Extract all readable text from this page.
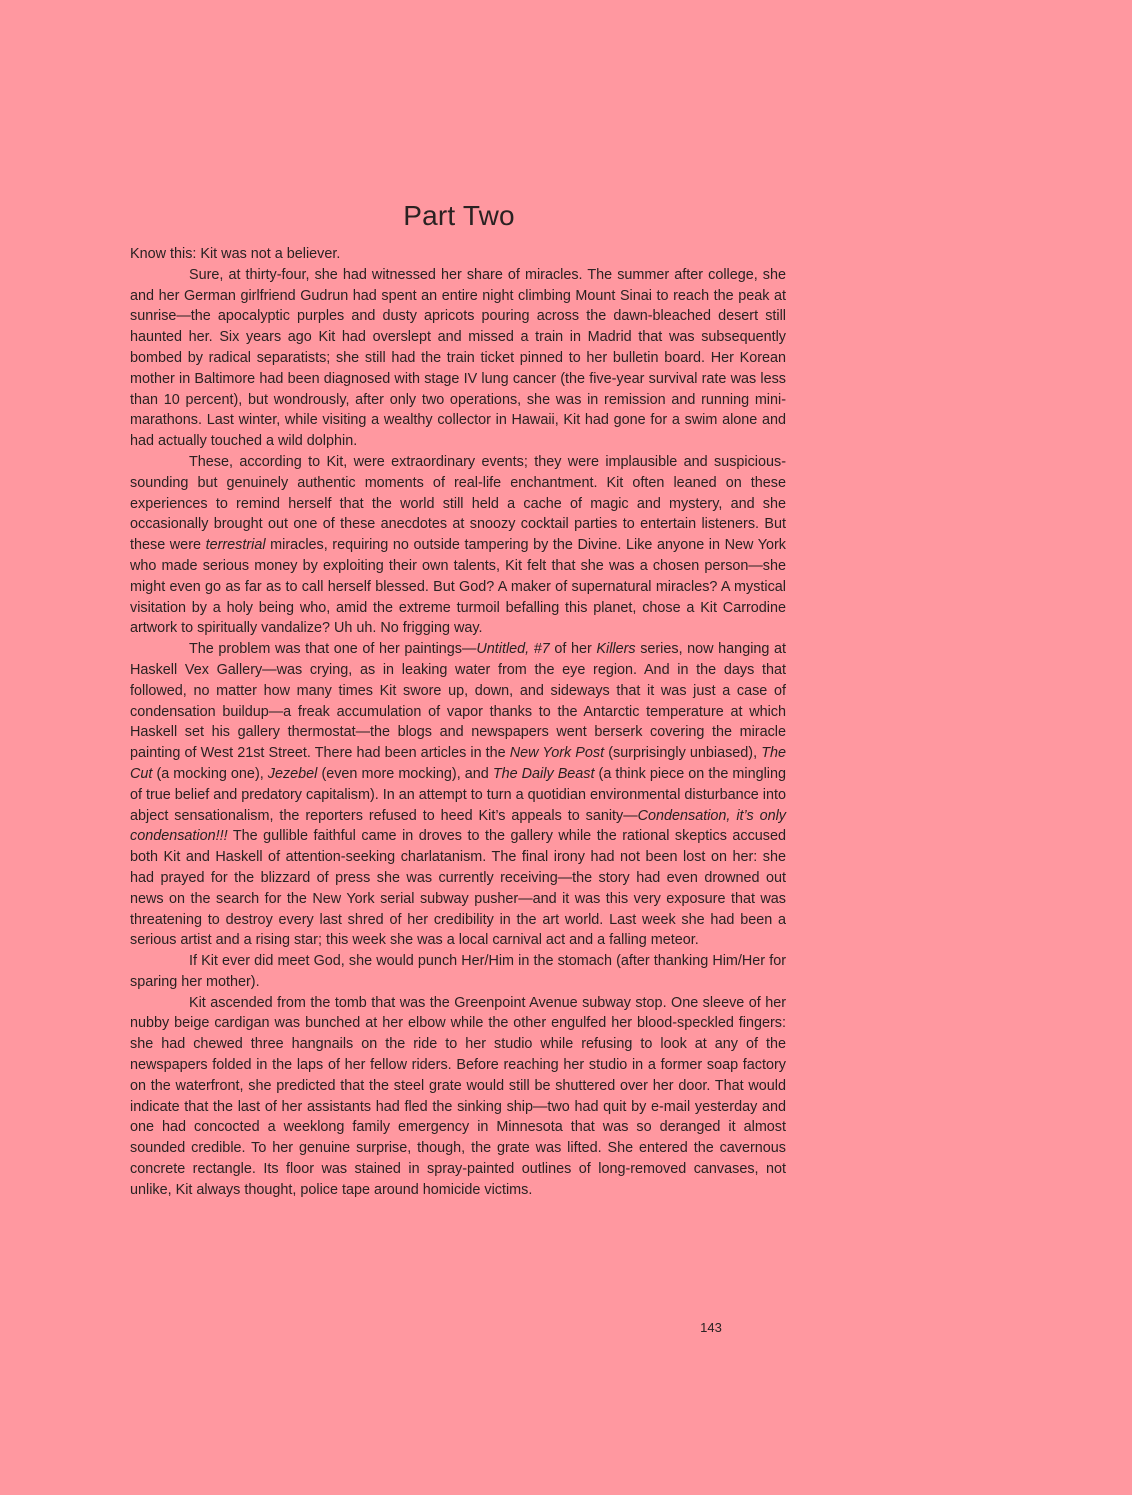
Part Two

Know this: Kit was not a believer.

Sure, at thirty-four, she had witnessed her share of miracles. The summer after college, she and her German girlfriend Gudrun had spent an entire night climbing Mount Sinai to reach the peak at sunrise—the apocalyptic purples and dusty apricots pouring across the dawn-bleached desert still haunted her. Six years ago Kit had overslept and missed a train in Madrid that was subsequently bombed by radical separatists; she still had the train ticket pinned to her bulletin board. Her Korean mother in Baltimore had been diagnosed with stage IV lung cancer (the five-year survival rate was less than 10 percent), but wondrously, after only two operations, she was in remission and running mini-marathons. Last winter, while visiting a wealthy collector in Hawaii, Kit had gone for a swim alone and had actually touched a wild dolphin.

These, according to Kit, were extraordinary events; they were implausible and suspicious-sounding but genuinely authentic moments of real-life enchantment. Kit often leaned on these experiences to remind herself that the world still held a cache of magic and mystery, and she occasionally brought out one of these anecdotes at snoozy cocktail parties to entertain listeners. But these were terrestrial miracles, requiring no outside tampering by the Divine. Like anyone in New York who made serious money by exploiting their own talents, Kit felt that she was a chosen person—she might even go as far as to call herself blessed. But God? A maker of supernatural miracles? A mystical visitation by a holy being who, amid the extreme turmoil befalling this planet, chose a Kit Carrodine artwork to spiritually vandalize? Uh uh. No frigging way.

The problem was that one of her paintings—Untitled, #7 of her Killers series, now hanging at Haskell Vex Gallery—was crying, as in leaking water from the eye region. And in the days that followed, no matter how many times Kit swore up, down, and sideways that it was just a case of condensation buildup—a freak accumulation of vapor thanks to the Antarctic temperature at which Haskell set his gallery thermostat—the blogs and newspapers went berserk covering the miracle painting of West 21st Street. There had been articles in the New York Post (surprisingly unbiased), The Cut (a mocking one), Jezebel (even more mocking), and The Daily Beast (a think piece on the mingling of true belief and predatory capitalism). In an attempt to turn a quotidian environmental disturbance into abject sensationalism, the reporters refused to heed Kit’s appeals to sanity—Condensation, it’s only condensation!!! The gullible faithful came in droves to the gallery while the rational skeptics accused both Kit and Haskell of attention-seeking charlatanism. The final irony had not been lost on her: she had prayed for the blizzard of press she was currently receiving—the story had even drowned out news on the search for the New York serial subway pusher—and it was this very exposure that was threatening to destroy every last shred of her credibility in the art world. Last week she had been a serious artist and a rising star; this week she was a local carnival act and a falling meteor.

If Kit ever did meet God, she would punch Her/Him in the stomach (after thanking Him/Her for sparing her mother).

Kit ascended from the tomb that was the Greenpoint Avenue subway stop. One sleeve of her nubby beige cardigan was bunched at her elbow while the other engulfed her blood-speckled fingers: she had chewed three hangnails on the ride to her studio while refusing to look at any of the newspapers folded in the laps of her fellow riders. Before reaching her studio in a former soap factory on the waterfront, she predicted that the steel grate would still be shuttered over her door. That would indicate that the last of her assistants had fled the sinking ship—two had quit by e-mail yesterday and one had concocted a weeklong family emergency in Minnesota that was so deranged it almost sounded credible. To her genuine surprise, though, the grate was lifted. She entered the cavernous concrete rectangle. Its floor was stained in spray-painted outlines of long-removed canvases, not unlike, Kit always thought, police tape around homicide victims.

143
